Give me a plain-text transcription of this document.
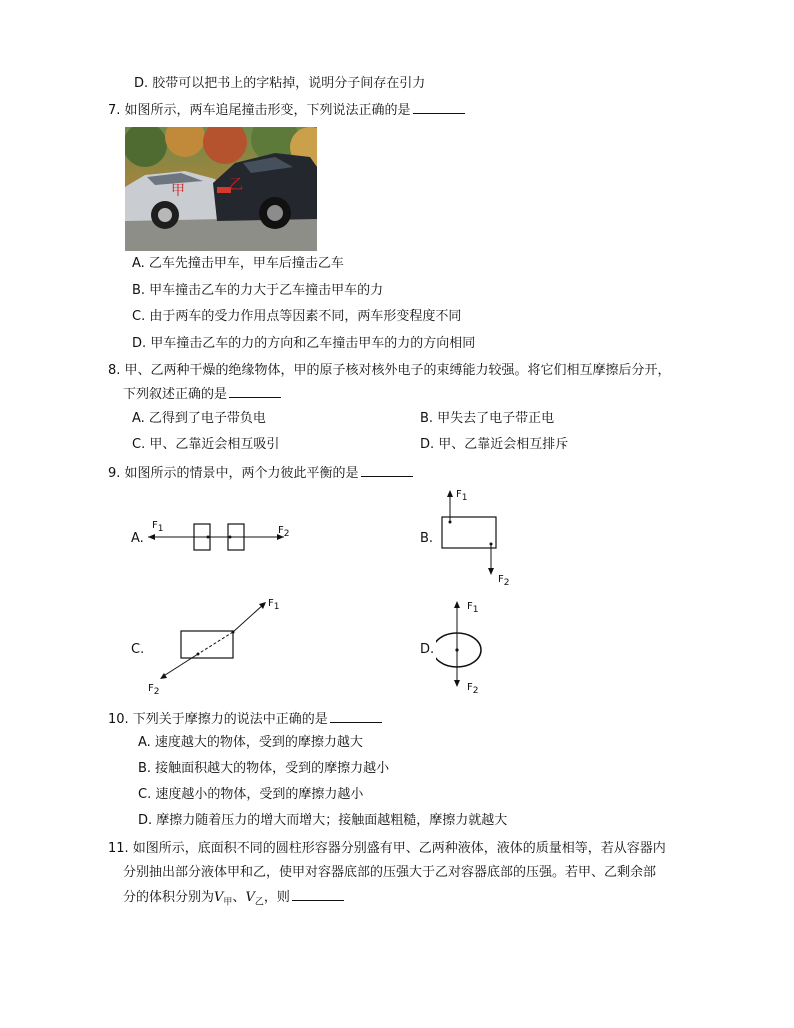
D. 胶带可以把书上的字粘掉，说明分子间存在引力
7. 如图所示，两车追尾撞击形变，下列说法正确的是
甲	乙
A. 乙车先撞击甲车，甲车后撞击乙车
B. 甲车撞击乙车的力大于乙车撞击甲车的力
C. 由于两车的受力作用点等因素不同，两车形变程度不同
D. 甲车撞击乙车的力的方向和乙车撞击甲车的力的方向相同
8. 甲、乙两种干燥的绝缘物体，甲的原子核对核外电子的束缚能力较强。将它们相互摩擦后分开，
下列叙述正确的是
A. 乙得到了电子带负电	B. 甲失去了电子带正电
C. 甲、乙靠近会相互吸引	D. 甲、乙靠近会相互排斥
9. 如图所示的情景中，两个力彼此平衡的是
A.
F1	F2	B.
F1
F2
C.
F1
F2
D.
F1
F2
10. 下列关于摩擦力的说法中正确的是
A. 速度越大的物体，受到的摩擦力越大
B. 接触面积越大的物体，受到的摩擦力越小
C. 速度越小的物体，受到的摩擦力越小
D. 摩擦力随着压力的增大而增大；接触面越粗糙，摩擦力就越大
11. 如图所示，底面积不同的圆柱形容器分别盛有甲、乙两种液体，液体的质量相等，若从容器内
分别抽出部分液体甲和乙，使甲对容器底部的压强大于乙对容器底部的压强。若甲、乙剩余部
分的体积分别为$V_甲$、$V_乙$，则
